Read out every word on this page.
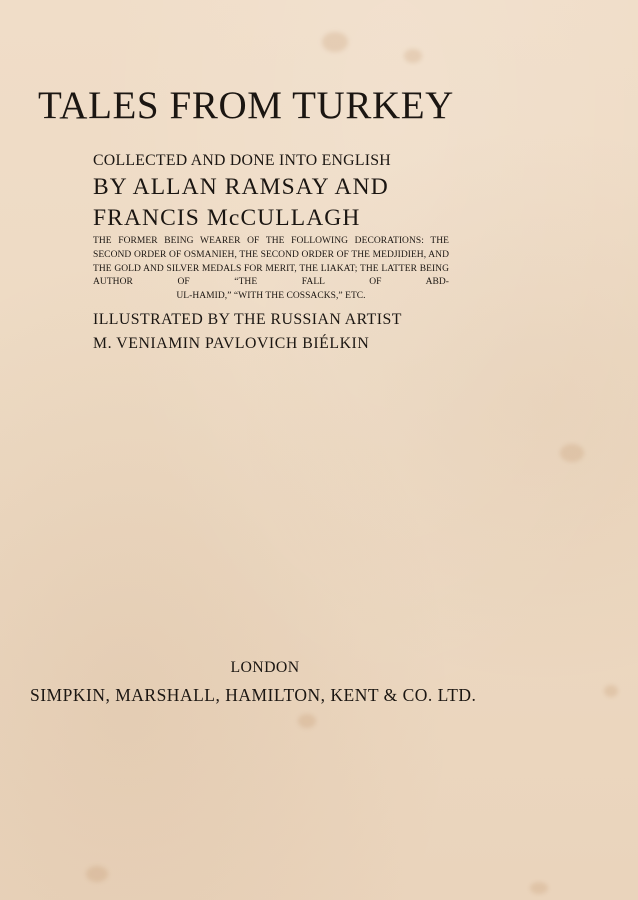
TALES FROM TURKEY
COLLECTED AND DONE INTO ENGLISH
BY ALLAN RAMSAY AND
FRANCIS McCULLAGH
THE FORMER BEING WEARER OF THE FOLLOWING DECORATIONS: THE SECOND ORDER OF OSMANIEH, THE SECOND ORDER OF THE MEDJIDIEH, AND THE GOLD AND SILVER MEDALS FOR MERIT, THE LIAKAT; THE LATTER BEING AUTHOR OF “THE FALL OF ABD-
UL-HAMID,” “WITH THE COSSACKS,” ETC.
ILLUSTRATED BY THE RUSSIAN ARTIST
M. VENIAMIN PAVLOVICH BIÉLKIN
LONDON
SIMPKIN, MARSHALL, HAMILTON, KENT & CO. LTD.
